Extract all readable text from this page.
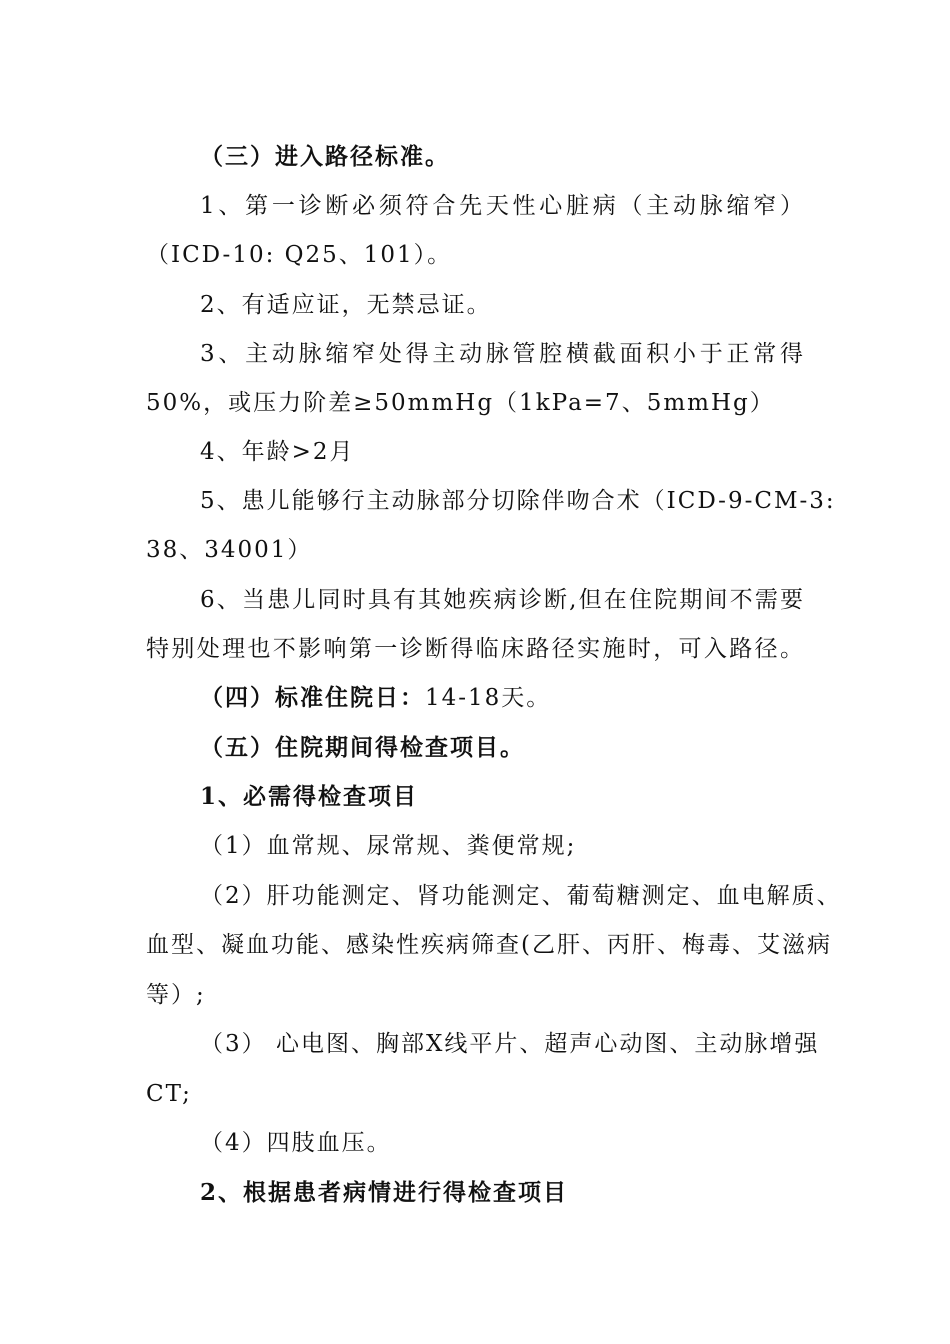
（三）进入路径标准。
1、第一诊断必须符合先天性心脏病（主动脉缩窄）
（ICD-10: Q25、101）。
2、有适应证，无禁忌证。
3、主动脉缩窄处得主动脉管腔横截面积小于正常得
50%，或压力阶差≥50mmHg（1kPa=7、5mmHg）
4、年龄>2月
5、患儿能够行主动脉部分切除伴吻合术（ICD-9-CM-3:
38、34001）
6、当患儿同时具有其她疾病诊断,但在住院期间不需要
特别处理也不影响第一诊断得临床路径实施时，可入路径。
（四）标准住院日：14-18天。
（五）住院期间得检查项目。
1、必需得检查项目
（1）血常规、尿常规、粪便常规;
（2）肝功能测定、肾功能测定、葡萄糖测定、血电解质、
血型、凝血功能、感染性疾病筛查(乙肝、丙肝、梅毒、艾滋病
等）;
（3） 心电图、胸部X线平片、超声心动图、主动脉增强
CT;
（4）四肢血压。
2、根据患者病情进行得检查项目
